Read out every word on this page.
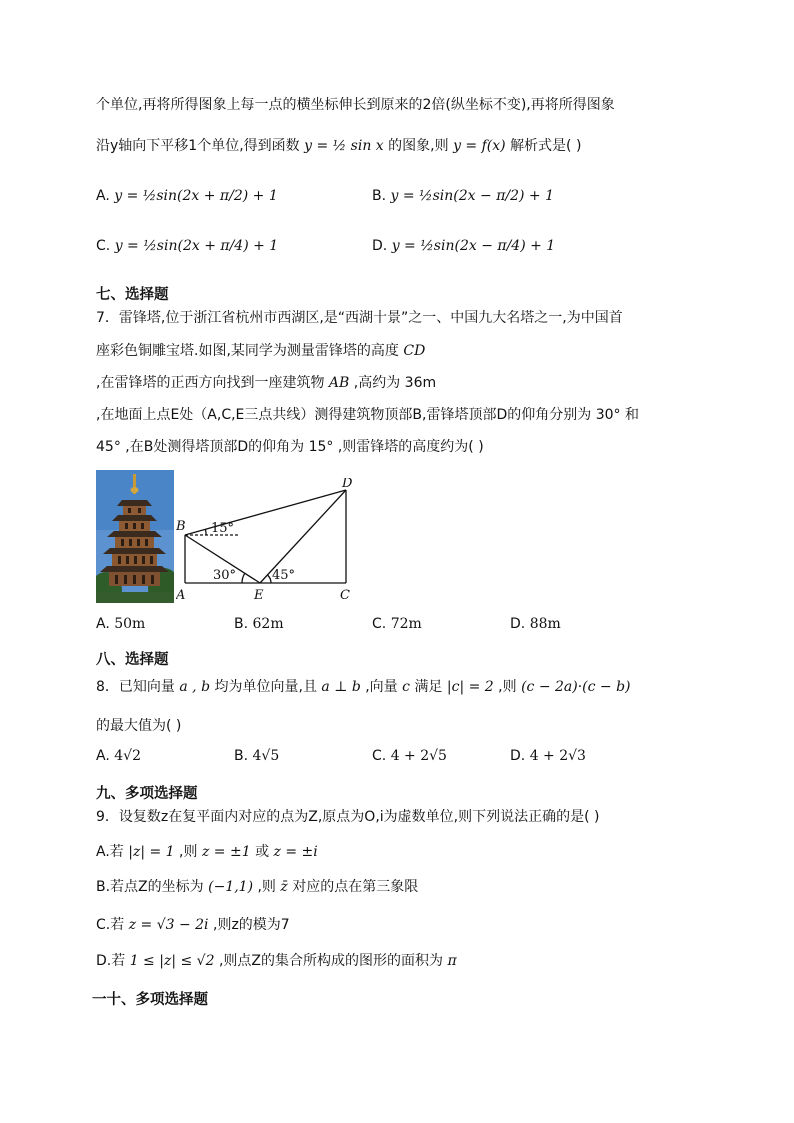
个单位,再将所得图象上每一点的横坐标伸长到原来的2倍(纵坐标不变),再将所得图象
沿y轴向下平移1个单位,得到函数 y = ½ sin x 的图象,则 y = f(x) 解析式是( )
A. y = ½sin(2x + π/2) + 1	B. y = ½sin(2x − π/2) + 1
C. y = ½sin(2x + π/4) + 1	D. y = ½sin(2x − π/4) + 1
七、选择题
7．雷锋塔,位于浙江省杭州市西湖区,是“西湖十景”之一、中国九大名塔之一,为中国首
座彩色铜雕宝塔.如图,某同学为测量雷锋塔的高度 CD
,在雷锋塔的正西方向找到一座建筑物 AB ,高约为 36m
,在地面上点E处（A,C,E三点共线）测得建筑物顶部B,雷锋塔顶部D的仰角分别为 30° 和
45° ,在B处测得塔顶部D的仰角为 15° ,则雷锋塔的高度约为( )
B
A	E	C
D
15°
30°	45°
A. 50m	B. 62m	C. 72m	D. 88m
八、选择题
8．已知向量 a , b 均为单位向量,且 a ⊥ b ,向量 c 满足 |c| = 2 ,则 (c − 2a)·(c − b)
的最大值为( )
A. 4√2	B. 4√5	C. 4 + 2√5	D. 4 + 2√3
九、多项选择题
9．设复数z在复平面内对应的点为Z,原点为O,i为虚数单位,则下列说法正确的是( )
A.若 |z| = 1 ,则 z = ±1 或 z = ±i
B.若点Z的坐标为 (−1,1) ,则 z̄ 对应的点在第三象限
C.若 z = √3 − 2i ,则z的模为7
D.若 1 ≤ |z| ≤ √2 ,则点Z的集合所构成的图形的面积为 π
一十、多项选择题
